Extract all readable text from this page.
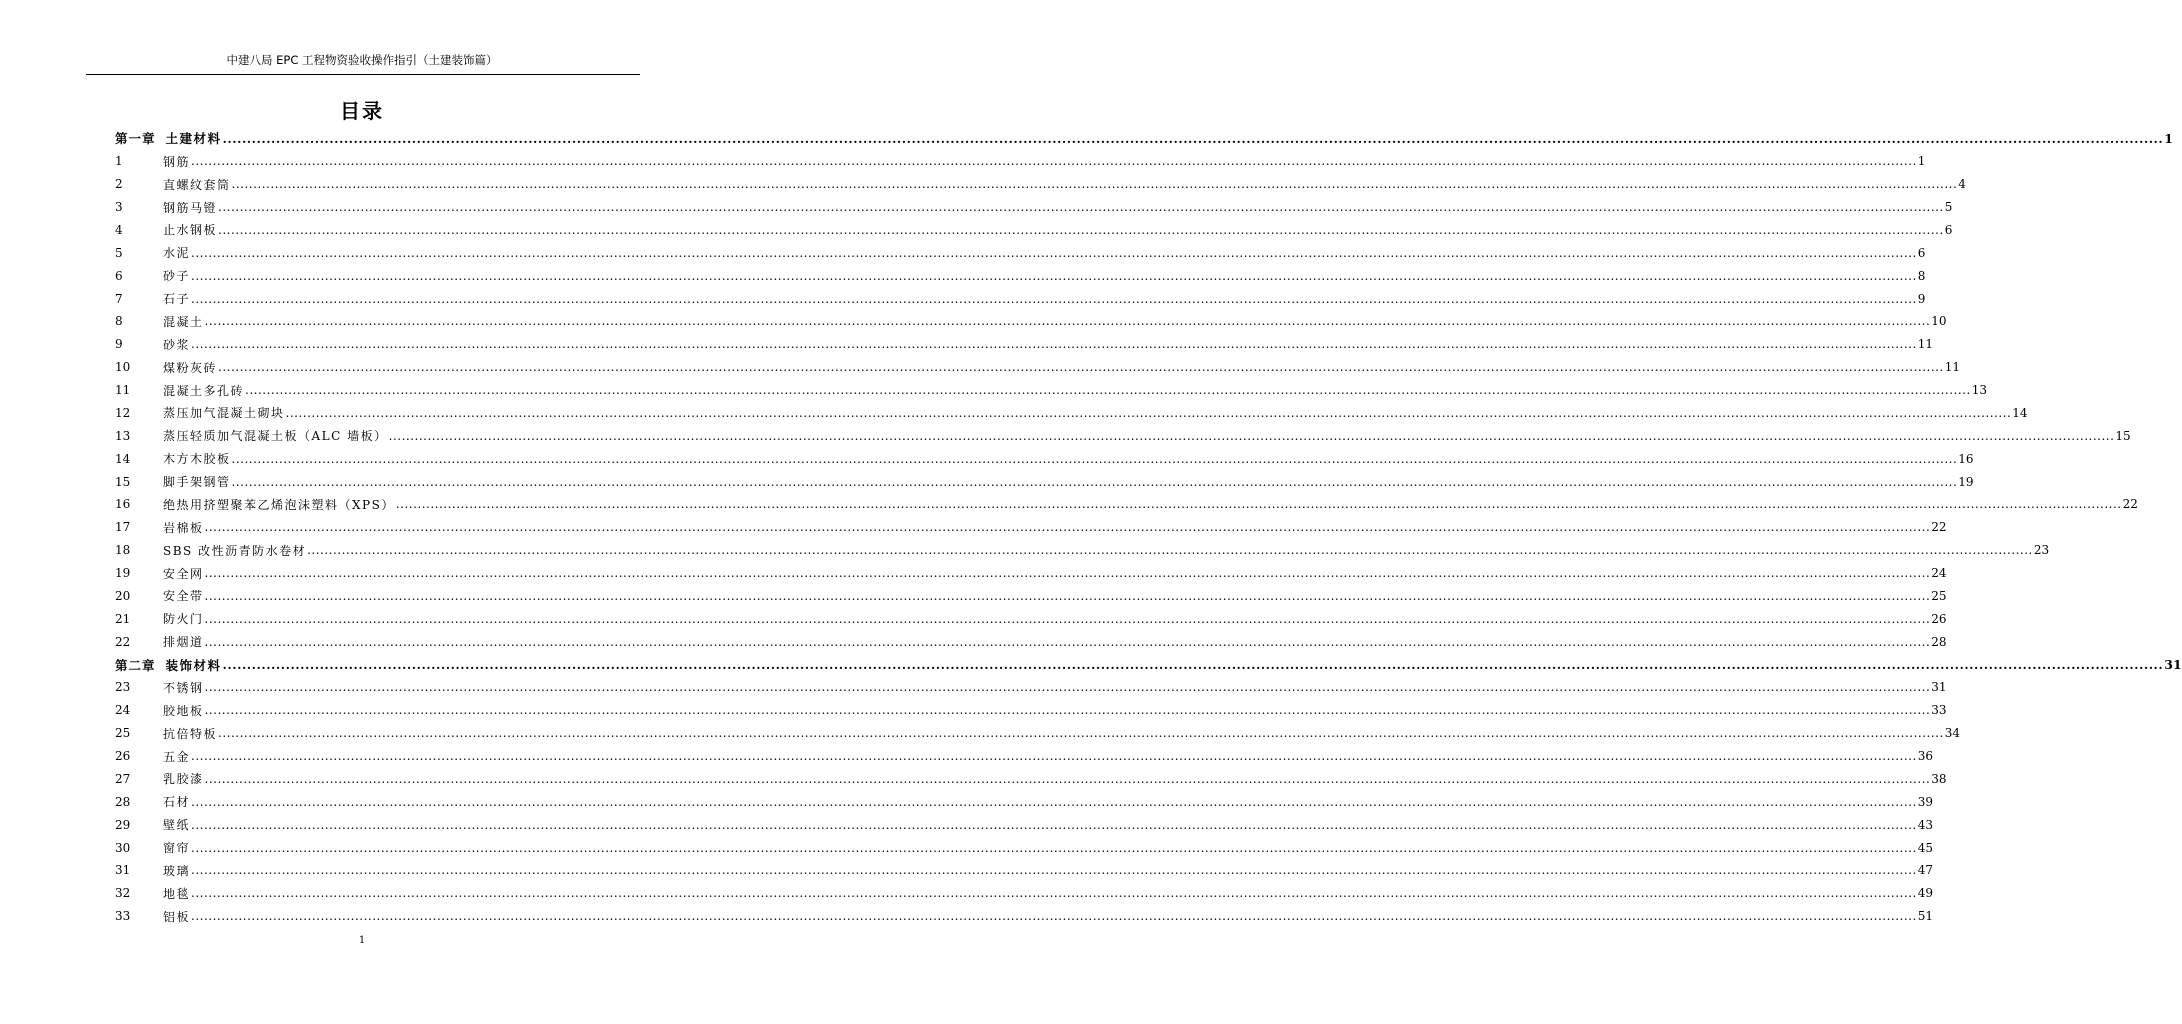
中建八局 EPC 工程物资验收操作指引（土建装饰篇）
目录
第一章 土建材料 ................................................................................................................................................................................................................................................................................................................................................................................................................ 1
1	钢筋 ................................................................................................................................................................................................................................................................................................................................................................................................................ 1
2	直螺纹套筒 ................................................................................................................................................................................................................................................................................................................................................................................................................ 4
3	钢筋马镫 ................................................................................................................................................................................................................................................................................................................................................................................................................ 5
4	止水钢板 ................................................................................................................................................................................................................................................................................................................................................................................................................ 6
5	水泥 ................................................................................................................................................................................................................................................................................................................................................................................................................ 6
6	砂子 ................................................................................................................................................................................................................................................................................................................................................................................................................ 8
7	石子 ................................................................................................................................................................................................................................................................................................................................................................................................................ 9
8	混凝土 ................................................................................................................................................................................................................................................................................................................................................................................................................ 10
9	砂浆 ................................................................................................................................................................................................................................................................................................................................................................................................................ 11
10	煤粉灰砖 ................................................................................................................................................................................................................................................................................................................................................................................................................ 11
11	混凝土多孔砖 ................................................................................................................................................................................................................................................................................................................................................................................................................ 13
12	蒸压加气混凝土砌块 ................................................................................................................................................................................................................................................................................................................................................................................................................ 14
13	蒸压轻质加气混凝土板（ALC 墙板） ................................................................................................................................................................................................................................................................................................................................................................................................................ 15
14	木方木胶板 ................................................................................................................................................................................................................................................................................................................................................................................................................ 16
15	脚手架钢管 ................................................................................................................................................................................................................................................................................................................................................................................................................ 19
16	绝热用挤塑聚苯乙烯泡沫塑料（XPS） ................................................................................................................................................................................................................................................................................................................................................................................................................ 22
17	岩棉板 ................................................................................................................................................................................................................................................................................................................................................................................................................ 22
18	SBS 改性沥青防水卷材 ................................................................................................................................................................................................................................................................................................................................................................................................................ 23
19	安全网 ................................................................................................................................................................................................................................................................................................................................................................................................................ 24
20	安全带 ................................................................................................................................................................................................................................................................................................................................................................................................................ 25
21	防火门 ................................................................................................................................................................................................................................................................................................................................................................................................................ 26
22	排烟道 ................................................................................................................................................................................................................................................................................................................................................................................................................ 28
第二章 装饰材料 ................................................................................................................................................................................................................................................................................................................................................................................................................ 31
23	不锈钢 ................................................................................................................................................................................................................................................................................................................................................................................................................ 31
24	胶地板 ................................................................................................................................................................................................................................................................................................................................................................................................................ 33
25	抗倍特板 ................................................................................................................................................................................................................................................................................................................................................................................................................ 34
26	五金 ................................................................................................................................................................................................................................................................................................................................................................................................................ 36
27	乳胶漆 ................................................................................................................................................................................................................................................................................................................................................................................................................ 38
28	石材 ................................................................................................................................................................................................................................................................................................................................................................................................................ 39
29	壁纸 ................................................................................................................................................................................................................................................................................................................................................................................................................ 43
30	窗帘 ................................................................................................................................................................................................................................................................................................................................................................................................................ 45
31	玻璃 ................................................................................................................................................................................................................................................................................................................................................................................................................ 47
32	地毯 ................................................................................................................................................................................................................................................................................................................................................................................................................ 49
33	铝板 ................................................................................................................................................................................................................................................................................................................................................................................................................ 51
1
